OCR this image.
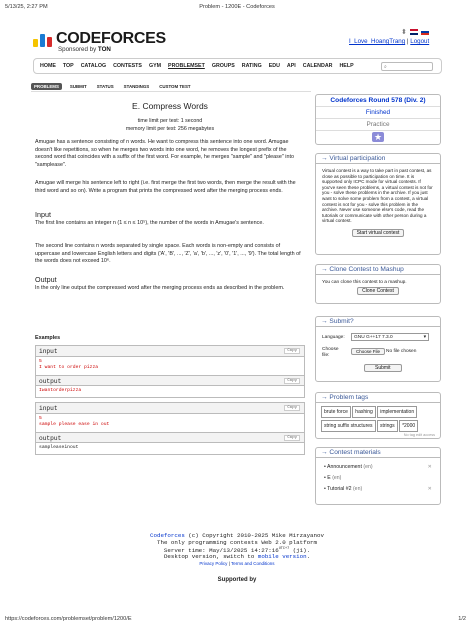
5/13/25, 2:27 PM	Problem - 1200E - Codeforces
CODEFORCES
Sponsored by TON
⬍
I_Love_HoangTrang | Logout
HOME TOP CATALOG CONTESTS GYM PROBLEMSET GROUPS RATING EDU API CALENDAR HELP	⌕
PROBLEMS	SUBMIT	STATUS	STANDINGS	CUSTOM TEST
E. Compress Words
time limit per test: 1 second
memory limit per test: 256 megabytes
Amugae has a sentence consisting of n words. He want to compress this sentence into one word. Amugae doesn't like repetitions, so when he merges two words into one word, he removes the longest prefix of the second word that coincides with a suffix of the first word. For example, he merges "sample" and "please" into "samplease".
Amugae will merge his sentence left to right (i.e. first merge the first two words, then merge the result with the third word and so on). Write a program that prints the compressed word after the merging process ends.
Input
The first line contains an integer n (1 ≤ n ≤ 10⁵), the number of the words in Amugae's sentence.
The second line contains n words separated by single space. Each words is non-empty and consists of uppercase and lowercase English letters and digits ('A', 'B', ..., 'Z', 'a', 'b', ..., 'z', '0', '1', ..., '9'). The total length of the words does not exceed 10⁶.
Output
In the only line output the compressed word after the merging process ends as described in the problem.
Examples
input	Copy
5
I want to order pizza
output	Copy
Iwantorderpizza
input	Copy
5
sample please ease in out
output	Copy
sampleaseinout
Codeforces Round 578 (Div. 2)
Finished
Practice
★
→ Virtual participation
Virtual contest is a way to take part in past contest, as close as possible to participation on time. It is supported only ICPC mode for virtual contests. If you've seen these problems, a virtual contest is not for you - solve these problems in the archive. If you just want to solve some problem from a contest, a virtual contest is not for you - solve this problem in the archive. Never use someone else's code, read the tutorials or communicate with other person during a virtual contest.
Start virtual contest
→ Clone Contest to Mashup
You can clone this contest to a mashup.
Clone Contest
→ Submit?
Language:	GNU G++17 7.3.0	▾
Choose file:
Choose File	No file chosen
Submit
→ Problem tags
brute force hashing implementation string suffix structures strings *2000
No tag edit access
→ Contest materials
• Announcement (en)	✕
• E (en)
• Tutorial #2 (en)	✕
Codeforces (c) Copyright 2010-2025 Mike Mirzayanov
The only programming contests Web 2.0 platform
Server time: May/13/2025 $14:27:16^{UTC+7}$ (j1).
Desktop version, switch to mobile version.
Privacy Policy | Terms and Conditions
Supported by
https://codeforces.com/problemset/problem/1200/E	1/2
